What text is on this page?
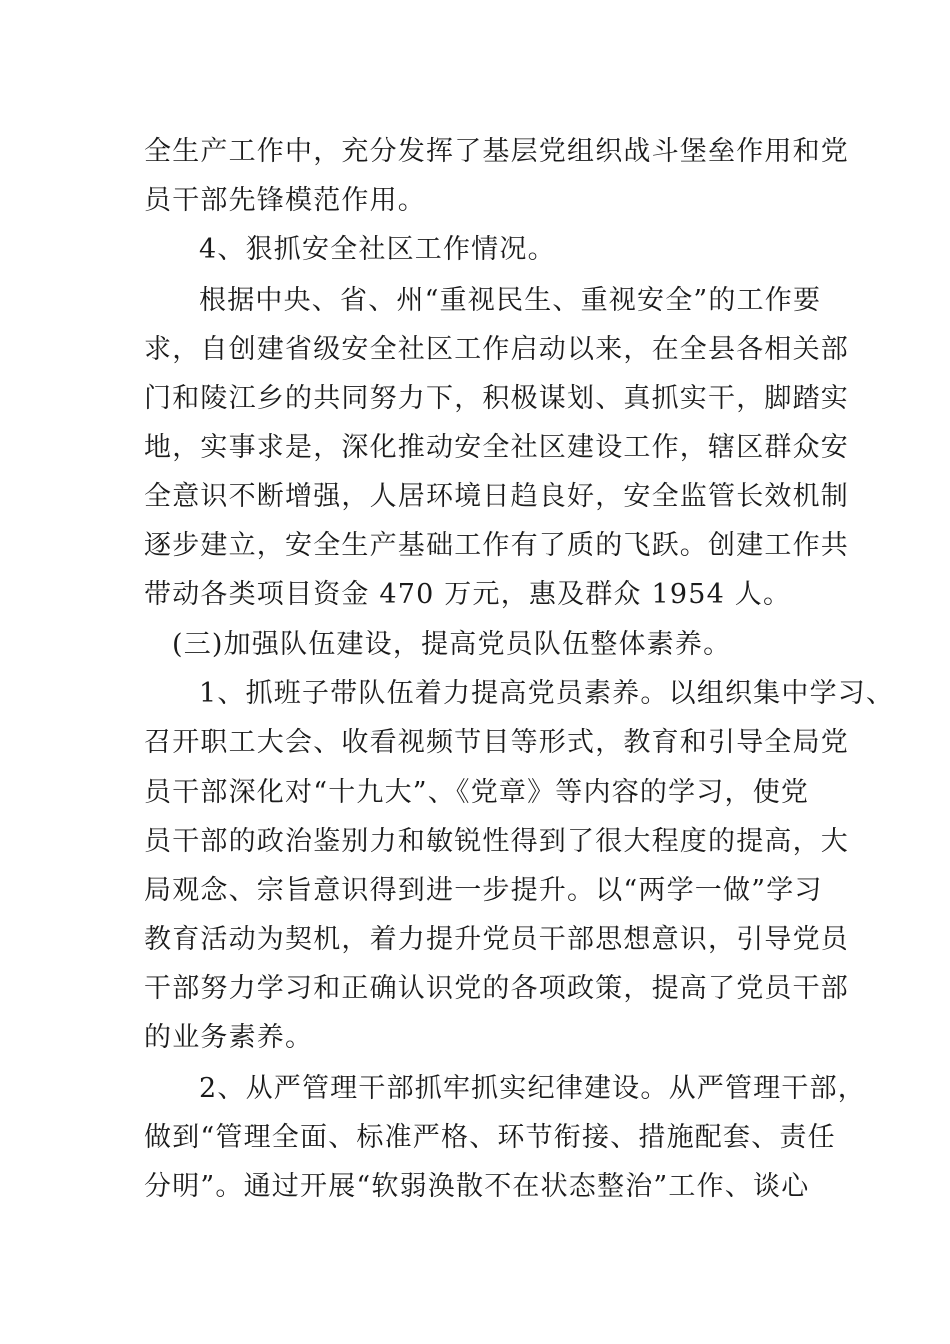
全生产工作中，充分发挥了基层党组织战斗堡垒作用和党
员干部先锋模范作用。
4、狠抓安全社区工作情况。
根据中央、省、州“重视民生、重视安全”的工作要
求，自创建省级安全社区工作启动以来，在全县各相关部
门和陵江乡的共同努力下，积极谋划、真抓实干，脚踏实
地，实事求是，深化推动安全社区建设工作，辖区群众安
全意识不断增强，人居环境日趋良好，安全监管长效机制
逐步建立，安全生产基础工作有了质的飞跃。创建工作共
带动各类项目资金 470 万元，惠及群众 1954 人。
(三)加强队伍建设，提高党员队伍整体素养。
1、抓班子带队伍着力提高党员素养。以组织集中学习、
召开职工大会、收看视频节目等形式，教育和引导全局党
员干部深化对“十九大”、《党章》等内容的学习，使党
员干部的政治鉴别力和敏锐性得到了很大程度的提高，大
局观念、宗旨意识得到进一步提升。以“两学一做”学习
教育活动为契机，着力提升党员干部思想意识，引导党员
干部努力学习和正确认识党的各项政策，提高了党员干部
的业务素养。
2、从严管理干部抓牢抓实纪律建设。从严管理干部，
做到“管理全面、标准严格、环节衔接、措施配套、责任
分明”。通过开展“软弱涣散不在状态整治”工作、谈心
